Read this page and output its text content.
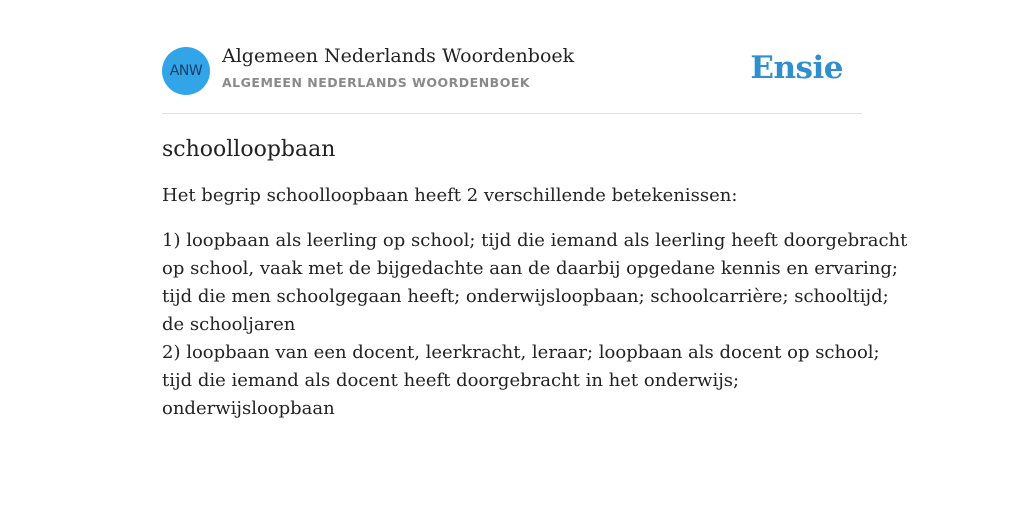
ANW
Algemeen Nederlands Woordenboek
ALGEMEEN NEDERLANDS WOORDENBOEK	Ensie
schoolloopbaan
Het begrip schoolloopbaan heeft 2 verschillende betekenissen:
1) loopbaan als leerling op school; tijd die iemand als leerling heeft doorgebracht
op school, vaak met de bijgedachte aan de daarbij opgedane kennis en ervaring;
tijd die men schoolgegaan heeft; onderwijsloopbaan; schoolcarrière; schooltijd;
de schooljaren
2) loopbaan van een docent, leerkracht, leraar; loopbaan als docent op school;
tijd die iemand als docent heeft doorgebracht in het onderwijs;
onderwijsloopbaan
